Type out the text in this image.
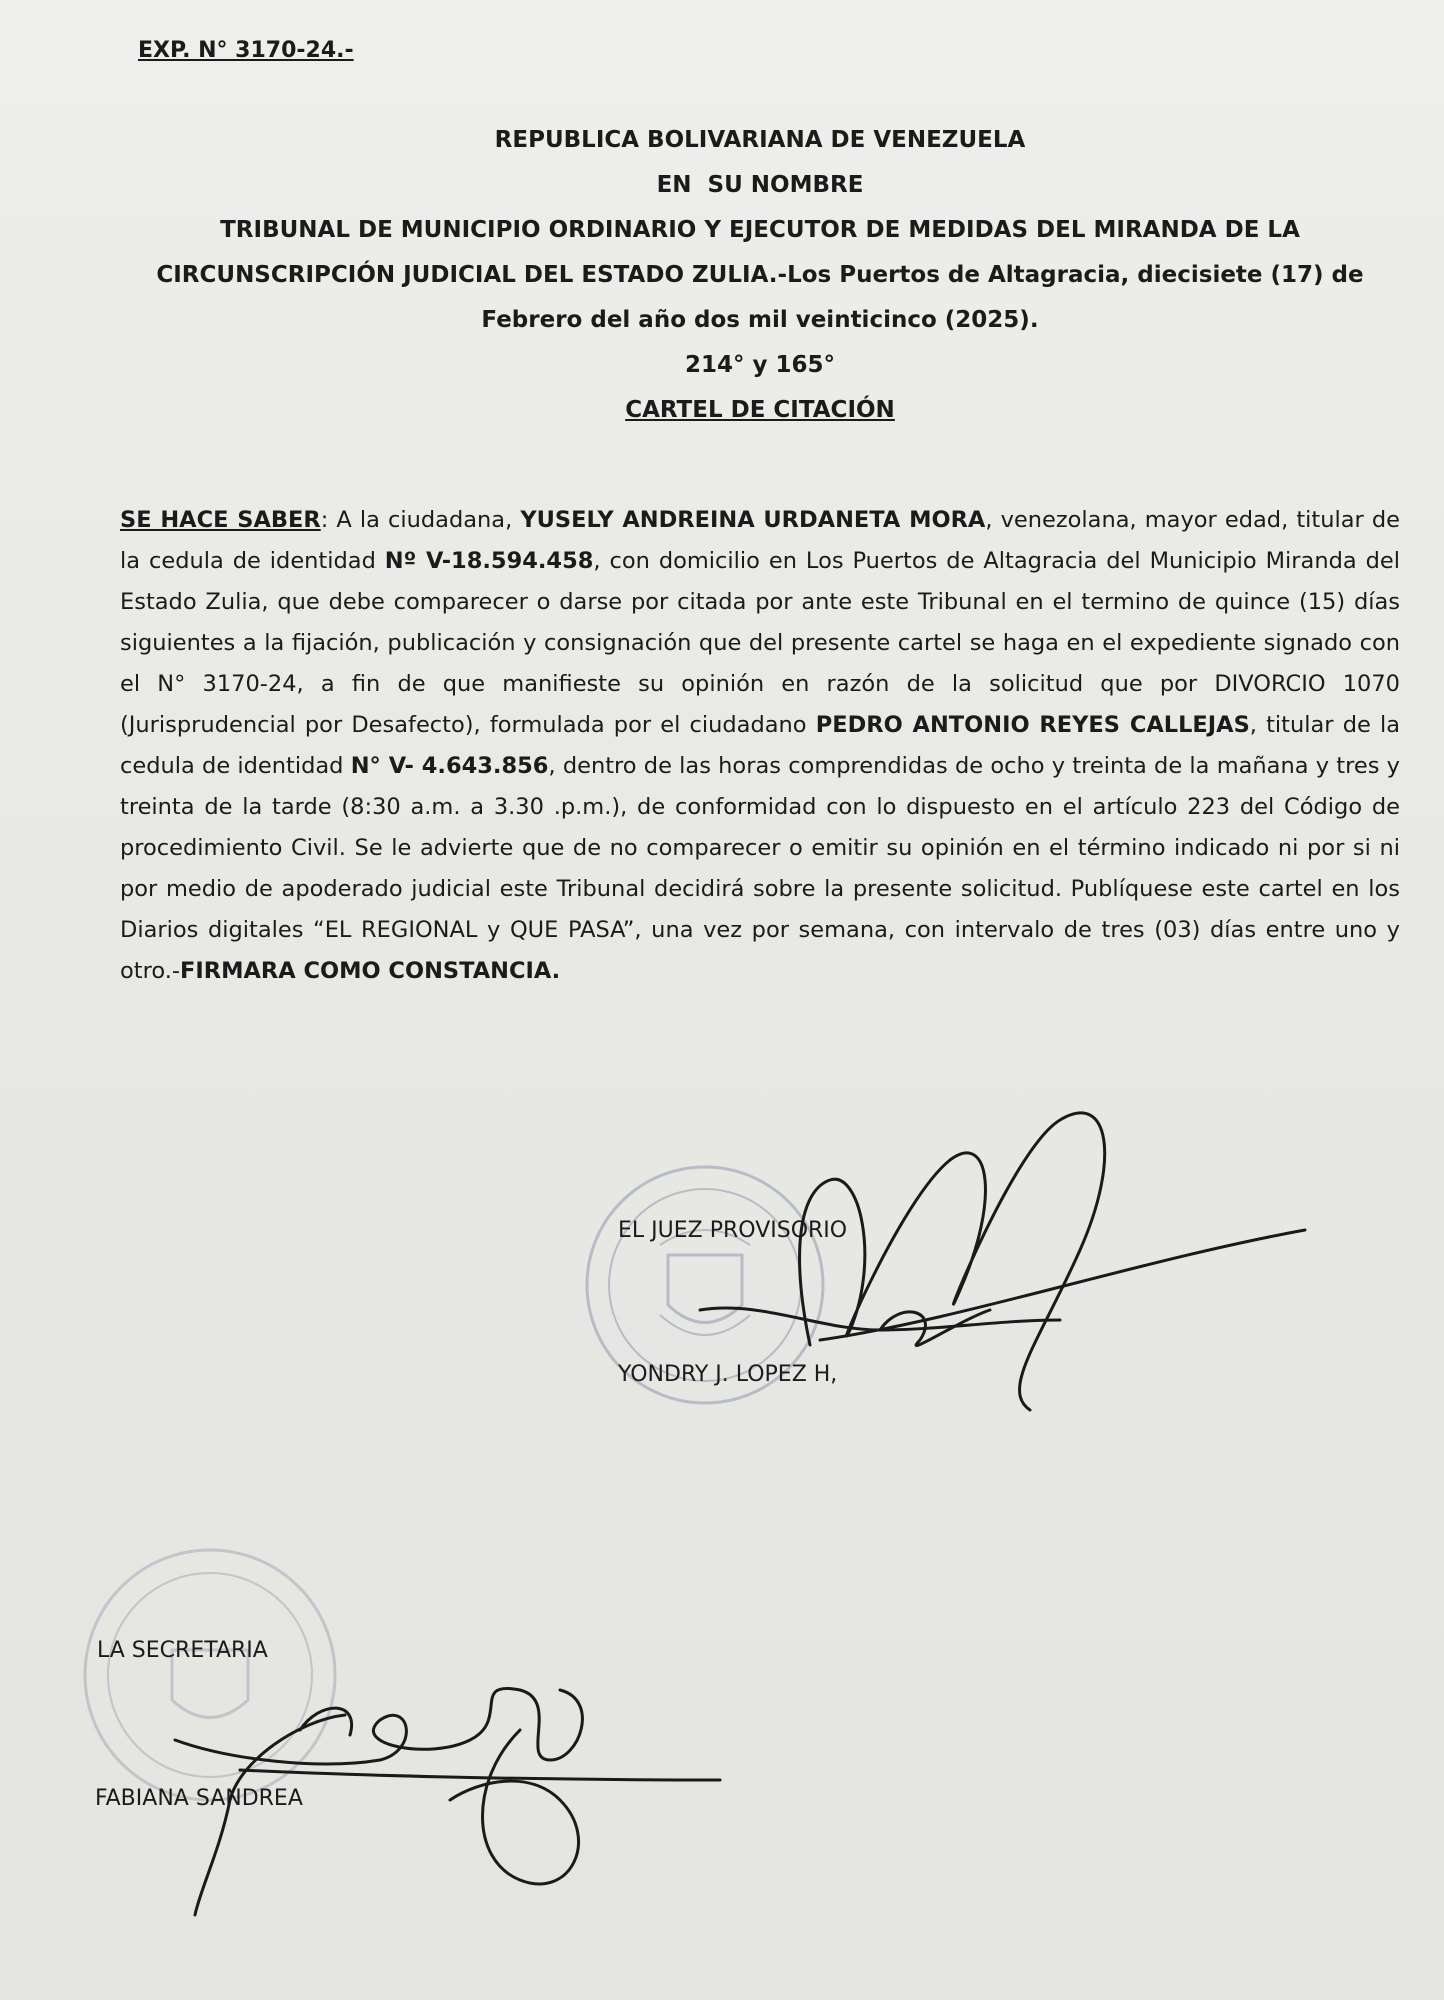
EXP. N° 3170-24.-
REPUBLICA BOLIVARIANA DE VENEZUELA
EN  SU NOMBRE
TRIBUNAL DE MUNICIPIO ORDINARIO Y EJECUTOR DE MEDIDAS DEL MIRANDA DE LA CIRCUNSCRIPCIÓN JUDICIAL DEL ESTADO ZULIA.-Los Puertos de Altagracia, diecisiete (17) de Febrero del año dos mil veinticinco (2025).
214° y 165°
CARTEL DE CITACIÓN
SE HACE SABER: A la ciudadana, YUSELY ANDREINA URDANETA MORA, venezolana, mayor edad, titular de la cedula de identidad Nº V-18.594.458, con domicilio en Los Puertos de Altagracia del Municipio Miranda del Estado Zulia, que debe comparecer o darse por citada por ante este Tribunal en el termino de quince (15) días siguientes a la fijación, publicación y consignación que del presente cartel se haga en el expediente signado con el N° 3170-24, a fin de que manifieste su opinión en razón de la solicitud que por DIVORCIO 1070 (Jurisprudencial por Desafecto), formulada por el ciudadano PEDRO ANTONIO REYES CALLEJAS, titular de la cedula de identidad N° V- 4.643.856, dentro de las horas comprendidas de ocho y treinta de la mañana y tres y treinta de la tarde (8:30 a.m. a 3.30 .p.m.), de conformidad con lo dispuesto en el artículo 223 del Código de procedimiento Civil. Se le advierte que de no comparecer o emitir su opinión en el término indicado ni por si ni por medio de apoderado judicial este Tribunal decidirá sobre la presente solicitud. Publíquese este cartel en los Diarios digitales “EL REGIONAL y QUE PASA”, una vez por semana, con intervalo de tres (03) días entre uno y otro.-FIRMARA COMO CONSTANCIA.
EL JUEZ PROVISORIO
YONDRY J. LOPEZ H,
LA SECRETARIA
FABIANA SANDREA
